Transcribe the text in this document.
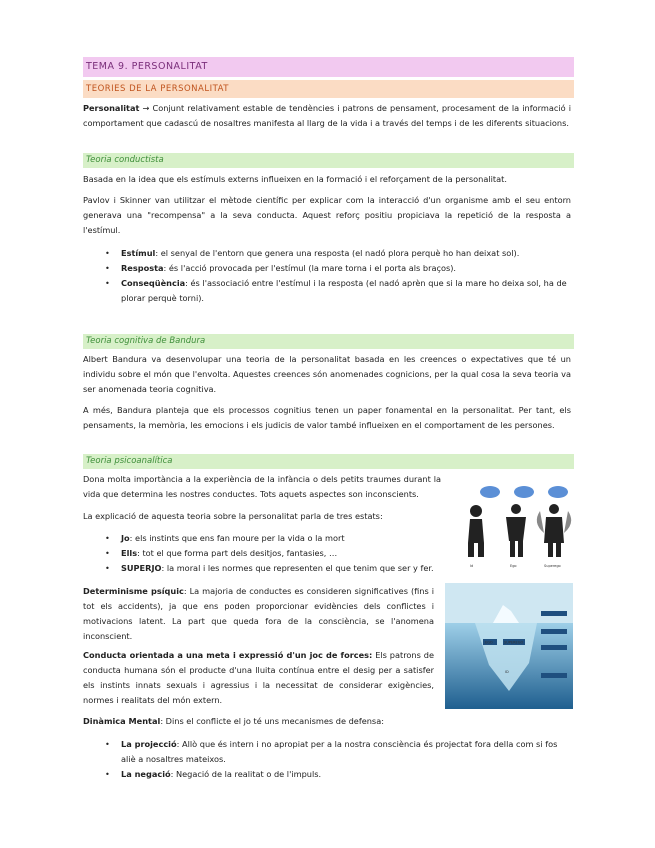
TEMA 9. PERSONALITAT
TEORIES DE LA PERSONALITAT
Personalitat → Conjunt relativament estable de tendències i patrons de pensament, procesament de la informació i comportament que cadascú de nosaltres manifesta al llarg de la vida i a través del temps i de les diferents situacions.
Teoria conductista
Basada en la idea que els estímuls externs influeixen en la formació i el reforçament de la personalitat.
Pavlov i Skinner van utilitzar el mètode científic per explicar com la interacció d'un organisme amb el seu entorn generava una "recompensa" a la seva conducta. Aquest reforç positiu propiciava la repetició de la resposta a l'estímul.
• Estímul: el senyal de l'entorn que genera una resposta (el nadó plora perquè ho han deixat sol).
• Resposta: és l'acció provocada per l'estímul (la mare torna i el porta als braços).
• Conseqüència: és l'associació entre l'estímul i la resposta (el nadó aprèn que si la mare ho deixa sol, ha de plorar perquè torni).
Teoria cognitiva de Bandura
Albert Bandura va desenvolupar una teoria de la personalitat basada en les creences o expectatives que té un individu sobre el món que l'envolta. Aquestes creences són anomenades cognicions, per la qual cosa la seva teoria va ser anomenada teoria cognitiva.
A més, Bandura planteja que els processos cognitius tenen un paper fonamental en la personalitat. Per tant, els pensaments, la memòria, les emocions i els judicis de valor també influeixen en el comportament de les persones.
Teoria psicoanalítica
Dona molta importància a la experiència de la infància o dels petits traumes durant la vida que determina les nostres conductes. Tots aquets aspectes son inconscients.
La explicació de aquesta teoria sobre la personalitat parla de tres estats:
• Jo: els instints que ens fan moure per la vida o la mort
• Ells: tot el que forma part dels desitjos, fantasies, …
• SUPERJO: la moral i les normes que representen el que tenim que ser y fer.
Determinisme psíquic: La majoria de conductes es consideren significatives (fins i tot els accidents), ja que ens poden proporcionar evidències dels conflictes i motivacions latent. La part que queda fora de la consciència, se l'anomena inconscient.
Conducta orientada a una meta i expressió d'un joc de forces: Els patrons de conducta humana són el producte d'una lluita contínua entre el desig per a satisfer els instints innats sexuals i agressius i la necessitat de considerar exigències, normes i realitats del món extern.
Dinàmica Mental: Dins el conflicte el jo té uns mecanismes de defensa:
• La projecció: Allò que és intern i no apropiat per a la nostra consciència és projectat fora della com si fos aliè a nosaltres mateixos.
• La negació: Negació de la realitat o de l'impuls.
Id	Ego	Superego
EGO	SUPEREGO
ID
